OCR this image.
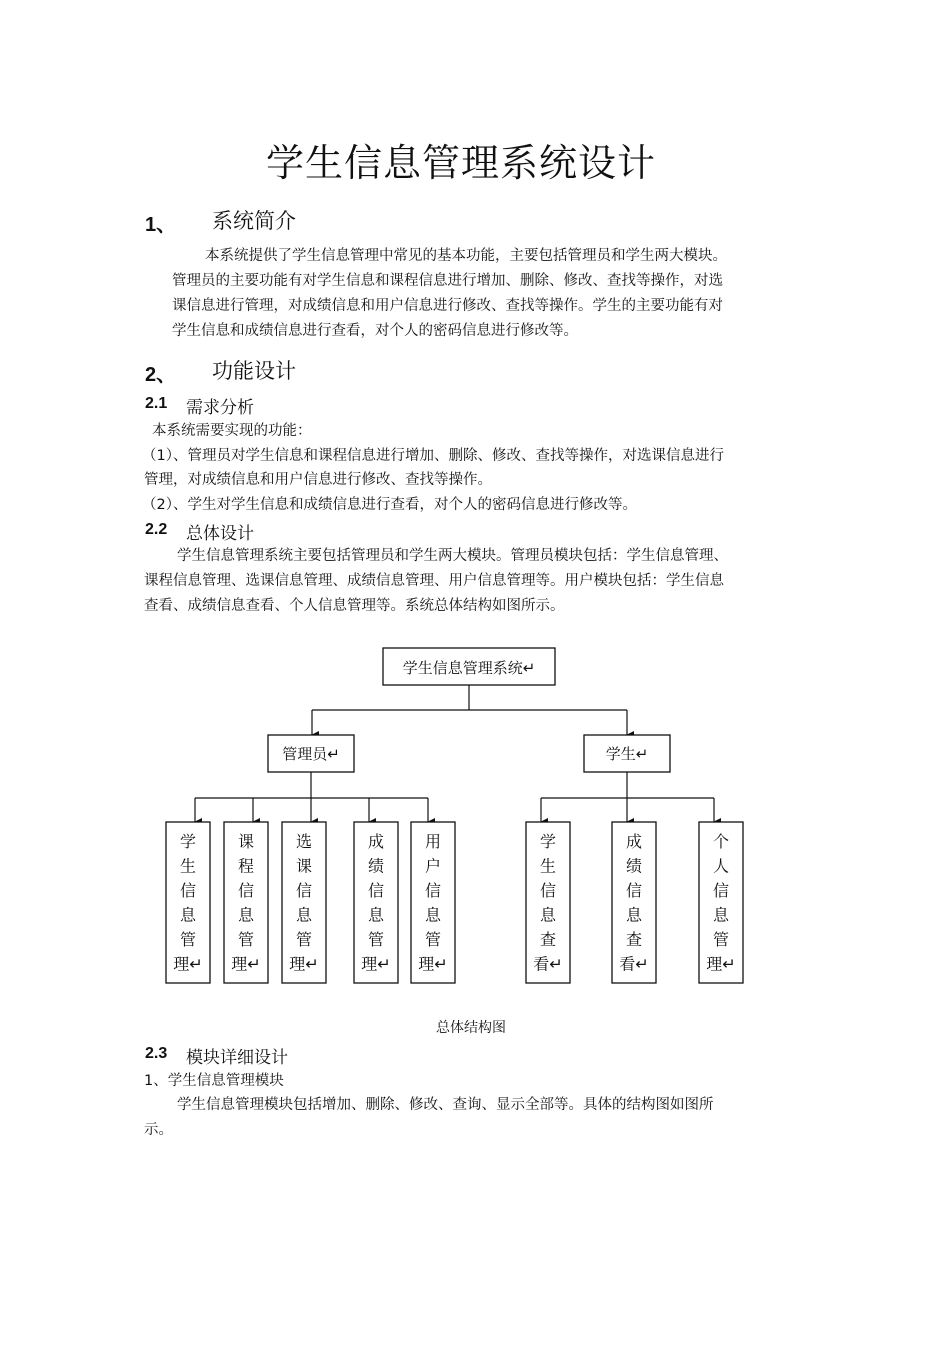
学生信息管理系统设计
1、 系统简介
本系统提供了学生信息管理中常见的基本功能，主要包括管理员和学生两大模块。
管理员的主要功能有对学生信息和课程信息进行增加、删除、修改、查找等操作，对选
课信息进行管理，对成绩信息和用户信息进行修改、查找等操作。学生的主要功能有对
学生信息和成绩信息进行查看，对个人的密码信息进行修改等。
2、 功能设计
2.1 需求分析
本系统需要实现的功能：
（1）、管理员对学生信息和课程信息进行增加、删除、修改、查找等操作，对选课信息进行
管理，对成绩信息和用户信息进行修改、查找等操作。
（2）、学生对学生信息和成绩信息进行查看，对个人的密码信息进行修改等。
2.2 总体设计
学生信息管理系统主要包括管理员和学生两大模块。管理员模块包括：学生信息管理、
课程信息管理、选课信息管理、成绩信息管理、用户信息管理等。用户模块包括：学生信息
查看、成绩信息查看、个人信息管理等。系统总体结构如图所示。
学生信息管理系统↵
管理员↵	学生↵
学
生
信
息
管
理↵
课
程
信
息
管
理↵
选
课
信
息
管
理↵
成
绩
信
息
管
理↵
用
户
信
息
管
理↵
学
生
信
息
查
看↵
成
绩
信
息
查
看↵
个
人
信
息
管
理↵
总体结构图
2.3 模块详细设计
1、学生信息管理模块
学生信息管理模块包括增加、删除、修改、查询、显示全部等。具体的结构图如图所
示。
